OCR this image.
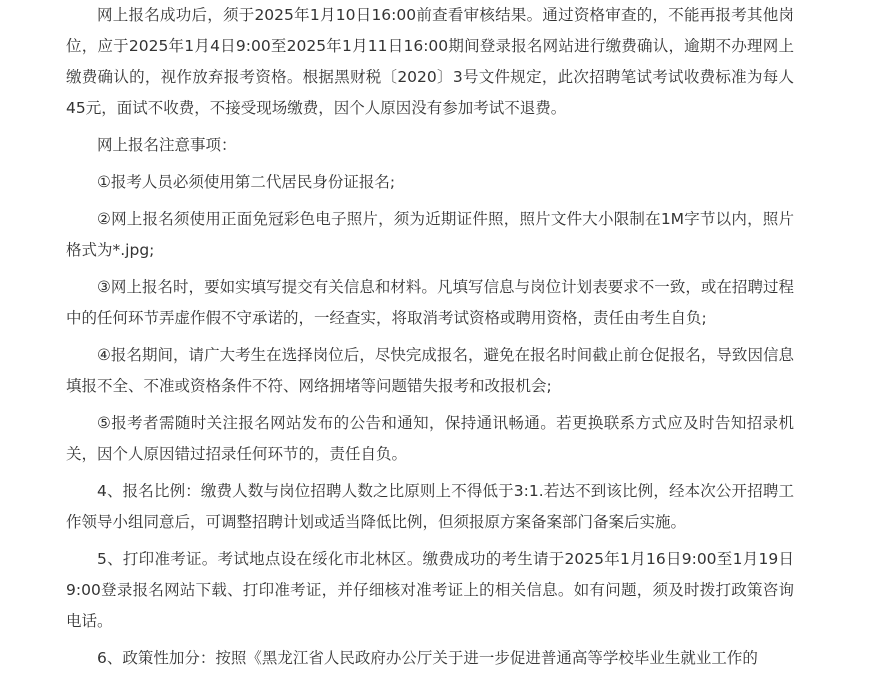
网上报名成功后，须于2025年1月10日16:00前查看审核结果。通过资格审查的，不能再报考其他岗位，应于2025年1月4日9:00至2025年1月11日16:00期间登录报名网站进行缴费确认，逾期不办理网上缴费确认的，视作放弃报考资格。根据黑财税〔2020〕3号文件规定，此次招聘笔试考试收费标准为每人45元，面试不收费，不接受现场缴费，因个人原因没有参加考试不退费。

网上报名注意事项：

①报考人员必须使用第二代居民身份证报名;

②网上报名须使用正面免冠彩色电子照片，须为近期证件照，照片文件大小限制在1M字节以内，照片格式为*.jpg;

③网上报名时，要如实填写提交有关信息和材料。凡填写信息与岗位计划表要求不一致，或在招聘过程中的任何环节弄虚作假不守承诺的，一经查实，将取消考试资格或聘用资格，责任由考生自负;

④报名期间，请广大考生在选择岗位后，尽快完成报名，避免在报名时间截止前仓促报名，导致因信息填报不全、不准或资格条件不符、网络拥堵等问题错失报考和改报机会;

⑤报考者需随时关注报名网站发布的公告和通知，保持通讯畅通。若更换联系方式应及时告知招录机关，因个人原因错过招录任何环节的，责任自负。

4、报名比例：缴费人数与岗位招聘人数之比原则上不得低于3:1.若达不到该比例，经本次公开招聘工作领导小组同意后，可调整招聘计划或适当降低比例，但须报原方案备案部门备案后实施。

5、打印准考证。考试地点设在绥化市北林区。缴费成功的考生请于2025年1月16日9:00至1月19日9:00登录报名网站下载、打印准考证，并仔细核对准考证上的相关信息。如有问题，须及时拨打政策咨询电话。

6、政策性加分：按照《黑龙江省人民政府办公厅关于进一步促进普通高等学校毕业生就业工作的
